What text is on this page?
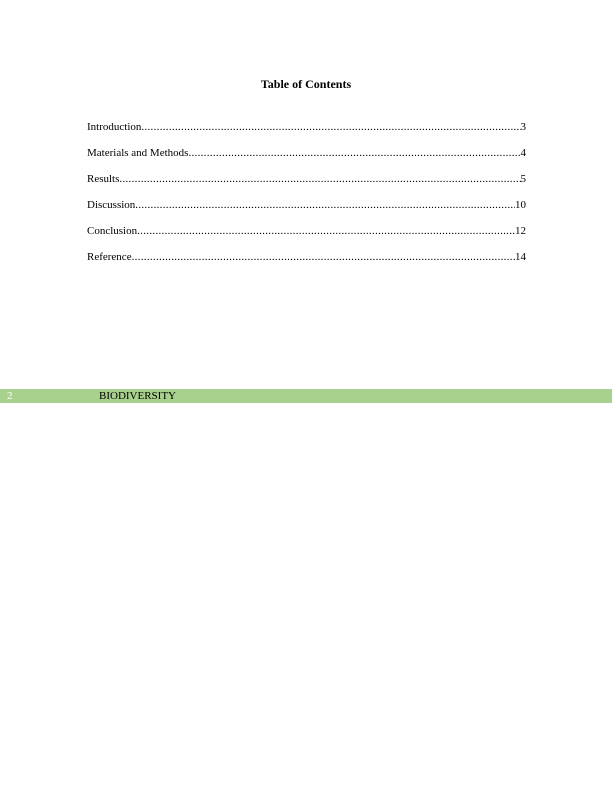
Table of Contents
Introduction .....	3
Materials and Methods .....	4
Results .....	5
Discussion .....	10
Conclusion .....	12
Reference .....	14
2	BIODIVERSITY
